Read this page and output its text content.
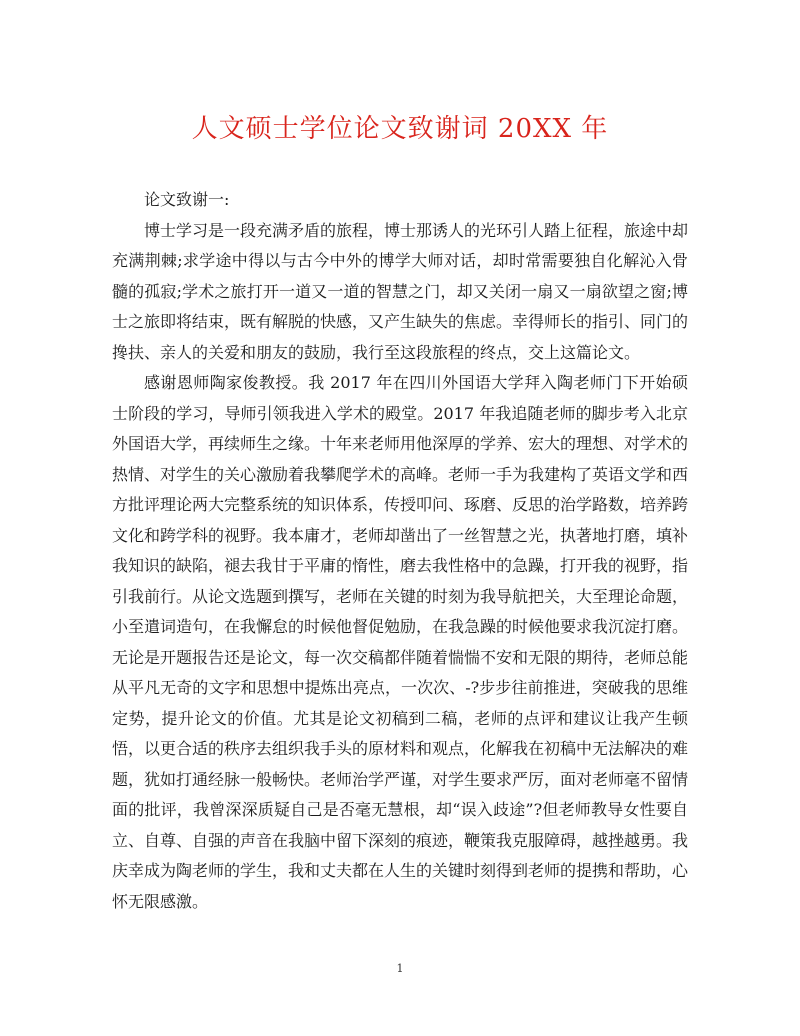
人文硕士学位论文致谢词 20XX 年

论文致谢一:

博士学习是一段充满矛盾的旅程，博士那诱人的光环引人踏上征程，旅途中却充满荆棘;求学途中得以与古今中外的博学大师对话，却时常需要独自化解沁入骨髓的孤寂;学术之旅打开一道又一道的智慧之门，却又关闭一扇又一扇欲望之窗;博士之旅即将结束，既有解脱的快感，又产生缺失的焦虑。幸得师长的指引、同门的搀扶、亲人的关爱和朋友的鼓励，我行至这段旅程的终点，交上这篇论文。

感谢恩师陶家俊教授。我 2017 年在四川外国语大学拜入陶老师门下开始硕士阶段的学习，导师引领我进入学术的殿堂。2017 年我追随老师的脚步考入北京外国语大学，再续师生之缘。十年来老师用他深厚的学养、宏大的理想、对学术的热情、对学生的关心激励着我攀爬学术的高峰。老师一手为我建构了英语文学和西方批评理论两大完整系统的知识体系，传授叩问、琢磨、反思的治学路数，培养跨文化和跨学科的视野。我本庸才，老师却凿出了一丝智慧之光，执著地打磨，填补我知识的缺陷，褪去我甘于平庸的惰性，磨去我性格中的急躁，打开我的视野，指引我前行。从论文选题到撰写，老师在关键的时刻为我导航把关，大至理论命题，小至遣词造句，在我懈怠的时候他督促勉励，在我急躁的时候他要求我沉淀打磨。无论是开题报告还是论文，每一次交稿都伴随着惴惴不安和无限的期待，老师总能从平凡无奇的文字和思想中提炼出亮点，一次次、-?步步往前推进，突破我的思维定势，提升论文的价值。尤其是论文初稿到二稿，老师的点评和建议让我产生顿悟，以更合适的秩序去组织我手头的原材料和观点，化解我在初稿中无法解决的难题，犹如打通经脉一般畅快。老师治学严谨，对学生要求严厉，面对老师毫不留情面的批评，我曾深深质疑自己是否毫无慧根，却“误入歧途”?但老师教导女性要自立、自尊、自强的声音在我脑中留下深刻的痕迹，鞭策我克服障碍，越挫越勇。我庆幸成为陶老师的学生，我和丈夫都在人生的关键时刻得到老师的提携和帮助，心怀无限感激。

1
